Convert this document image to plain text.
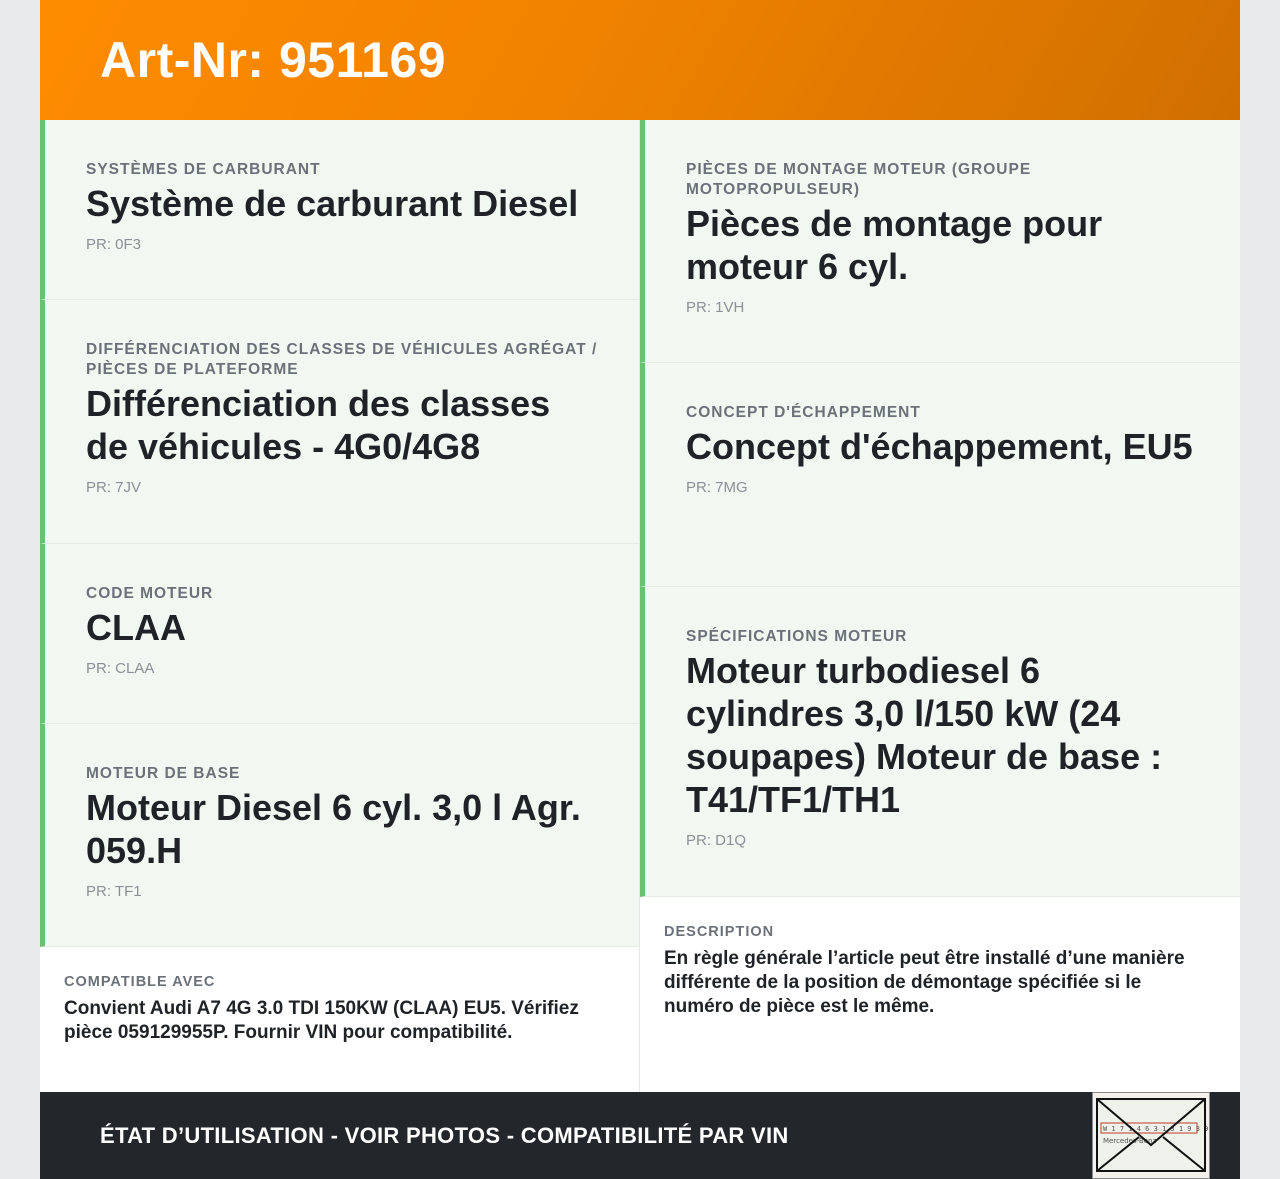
Art-Nr: 951169
SYSTÈMES DE CARBURANT
Système de carburant Diesel
PR: 0F3
DIFFÉRENCIATION DES CLASSES DE VÉHICULES AGRÉGAT / PIÈCES DE PLATEFORME
Différenciation des classes de véhicules - 4G0/4G8
PR: 7JV
CODE MOTEUR
CLAA
PR: CLAA
MOTEUR DE BASE
Moteur Diesel 6 cyl. 3,0 l Agr. 059.H
PR: TF1
COMPATIBLE AVEC
Convient Audi A7 4G 3.0 TDI 150KW (CLAA) EU5. Vérifiez pièce 059129955P. Fournir VIN pour compatibilité.
PIÈCES DE MONTAGE MOTEUR (GROUPE MOTOPROPULSEUR)
Pièces de montage pour moteur 6 cyl.
PR: 1VH
CONCEPT D'ÉCHAPPEMENT
Concept d'échappement, EU5
PR: 7MG
SPÉCIFICATIONS MOTEUR
Moteur turbodiesel 6 cylindres 3,0 l/150 kW (24 soupapes) Moteur de base : T41/TF1/TH1
PR: D1Q
DESCRIPTION
En règle générale l’article peut être installé d’une manière différente de la position de démontage spécifiée si le numéro de pièce est le même.
ÉTAT D’UTILISATION - VOIR PHOTOS - COMPATIBILITÉ PAR VIN	W 1 7 1 4 6 3 1 3 1 9 3 9
Mercedes-Benz
